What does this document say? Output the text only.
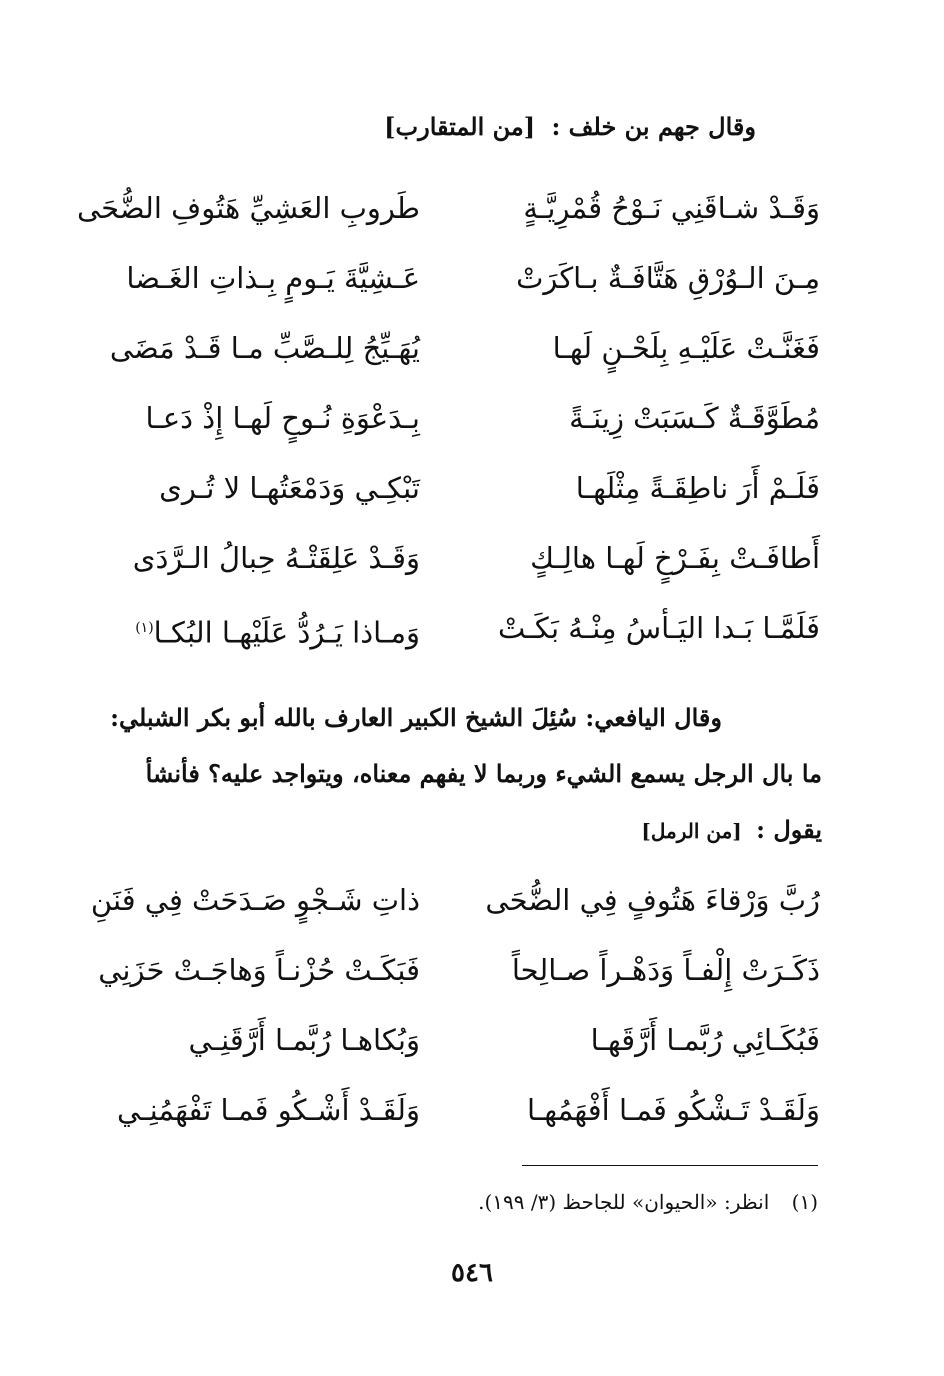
وقال جهم بن خلف : [من المتقارب]
وَقَـدْ شـاقَنِي نَـوْحُ قُمْرِيَّـةٍ
طَروبِ العَشِيِّ هَتُوفِ الضُّحَى
مِـنَ الـوُرْقِ هَتَّافَـةٌ بـاكَرَتْ
عَـشِيَّةَ يَـومٍ بِـذاتِ الغَـضا
فَغَنَّـتْ عَلَيْـهِ بِلَحْـنٍ لَهـا
يُهَـيِّجُ لِلـصَّبِّ مـا قَـدْ مَضَى
مُطَوَّقَـةٌ كَـسَبَتْ زِينَـةً
بِـدَعْوَةِ نُـوحٍ لَهـا إِذْ دَعـا
فَلَـمْ أَرَ ناطِقَـةً مِثْلَهـا
تَبْكِـي وَدَمْعَتُهـا لا تُـرى
أَطافَـتْ بِفَـرْخٍ لَهـا هالِـكٍ
وَقَـدْ عَلِقَتْـهُ حِبالُ الـرَّدَى
فَلَمَّـا بَـدا اليَـأسُ مِنْـهُ بَكَـتْ
وَمـاذا يَـرُدُّ عَلَيْهـا البُكـا$^{(١)}$

وقال اليافعي: سُئِلَ الشيخ الكبير العارف بالله أبو بكر الشبلي:

ما بال الرجل يسمع الشيء وربما لا يفهم معناه، ويتواجد عليه؟ فأنشأ

يقول : [من الرمل]

رُبَّ وَرْقاءَ هَتُوفٍ فِي الضُّحَى
ذاتِ شَـجْوٍ صَـدَحَتْ فِي فَنَنِ
ذَكَـرَتْ إِلْفـاً وَدَهْـراً صـالِحاً
فَبَكَـتْ حُزْنـاً وَهاجَـتْ حَزَنِي
فَبُكَـائِي رُبَّمـا أَرَّقَهـا
وَبُكاهـا رُبَّمـا أَرَّقَنِـي
وَلَقَـدْ تَـشْكُو فَمـا أَفْهَمُهـا
وَلَقَـدْ أَشْـكُو فَمـا تَفْهَمُنِـي
(١) انظر: «الحيوان» للجاحظ (٣/ ١٩٩).
٥٤٦
